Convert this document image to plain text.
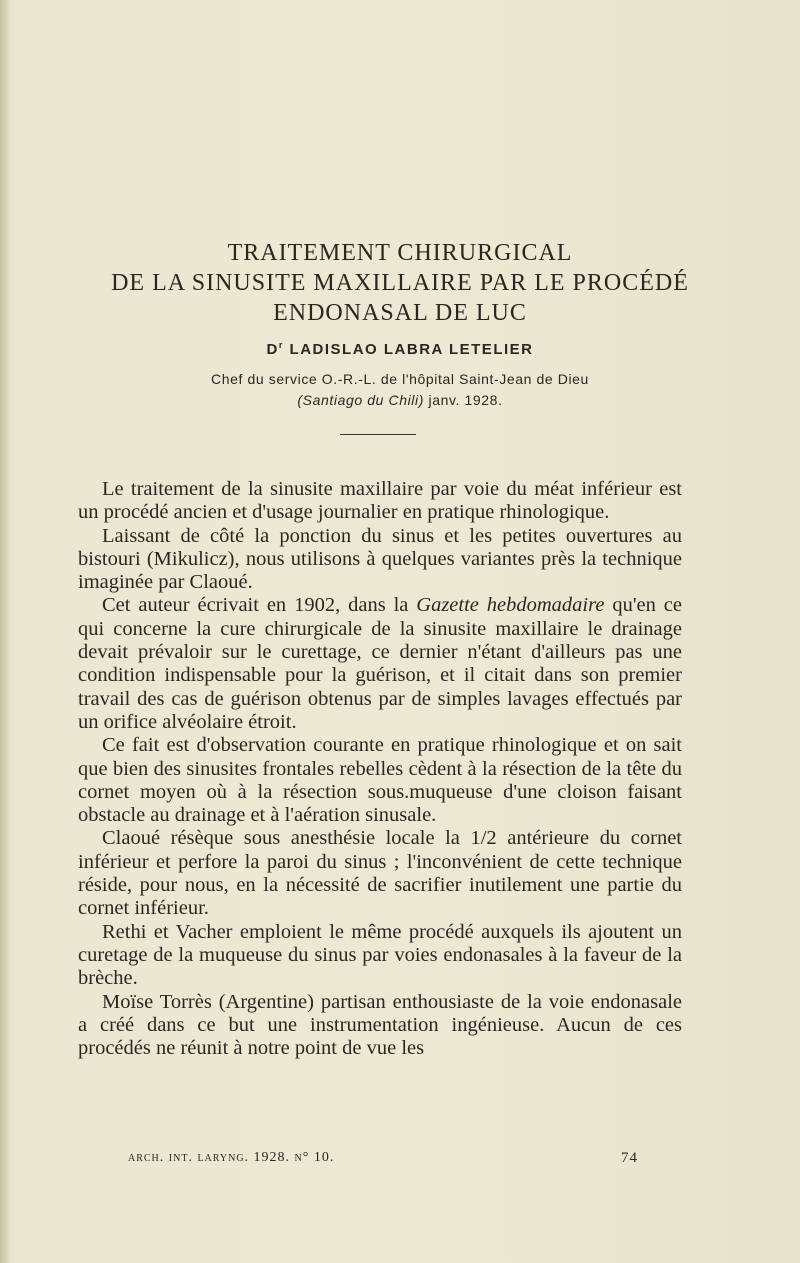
TRAITEMENT CHIRURGICAL
DE LA SINUSITE MAXILLAIRE PAR LE PROCÉDÉ
ENDONASAL DE LUC
$D^r$ LADISLAO LABRA LETELIER
Chef du service O.-R.-L. de l'hôpital Saint-Jean de Dieu
(Santiago du Chili) janv. 1928.

Le traitement de la sinusite maxillaire par voie du méat inférieur est un procédé ancien et d'usage journalier en pratique rhinologique.

Laissant de côté la ponction du sinus et les petites ouvertures au bistouri (Mikulicz), nous utilisons à quelques variantes près la technique imaginée par Claoué.

Cet auteur écrivait en 1902, dans la Gazette hebdomadaire qu'en ce qui concerne la cure chirurgicale de la sinusite maxillaire le drainage devait prévaloir sur le curettage, ce dernier n'étant d'ailleurs pas une condition indispensable pour la guérison, et il citait dans son premier travail des cas de guérison obtenus par de simples lavages effectués par un orifice alvéolaire étroit.

Ce fait est d'observation courante en pratique rhinologique et on sait que bien des sinusites frontales rebelles cèdent à la résection de la tête du cornet moyen où à la résection sous.muqueuse d'une cloison faisant obstacle au drainage et à l'aération sinusale.

Claoué résèque sous anesthésie locale la 1/2 antérieure du cornet inférieur et perfore la paroi du sinus ; l'inconvénient de cette technique réside, pour nous, en la nécessité de sacrifier inutilement une partie du cornet inférieur.

Rethi et Vacher emploient le même procédé auxquels ils ajoutent un curetage de la muqueuse du sinus par voies endonasales à la faveur de la brèche.

Moïse Torrès (Argentine) partisan enthousiaste de la voie endonasale a créé dans ce but une instrumentation ingénieuse. Aucun de ces procédés ne réunit à notre point de vue les

arch. int. laryng. 1928. n° 10.	74
